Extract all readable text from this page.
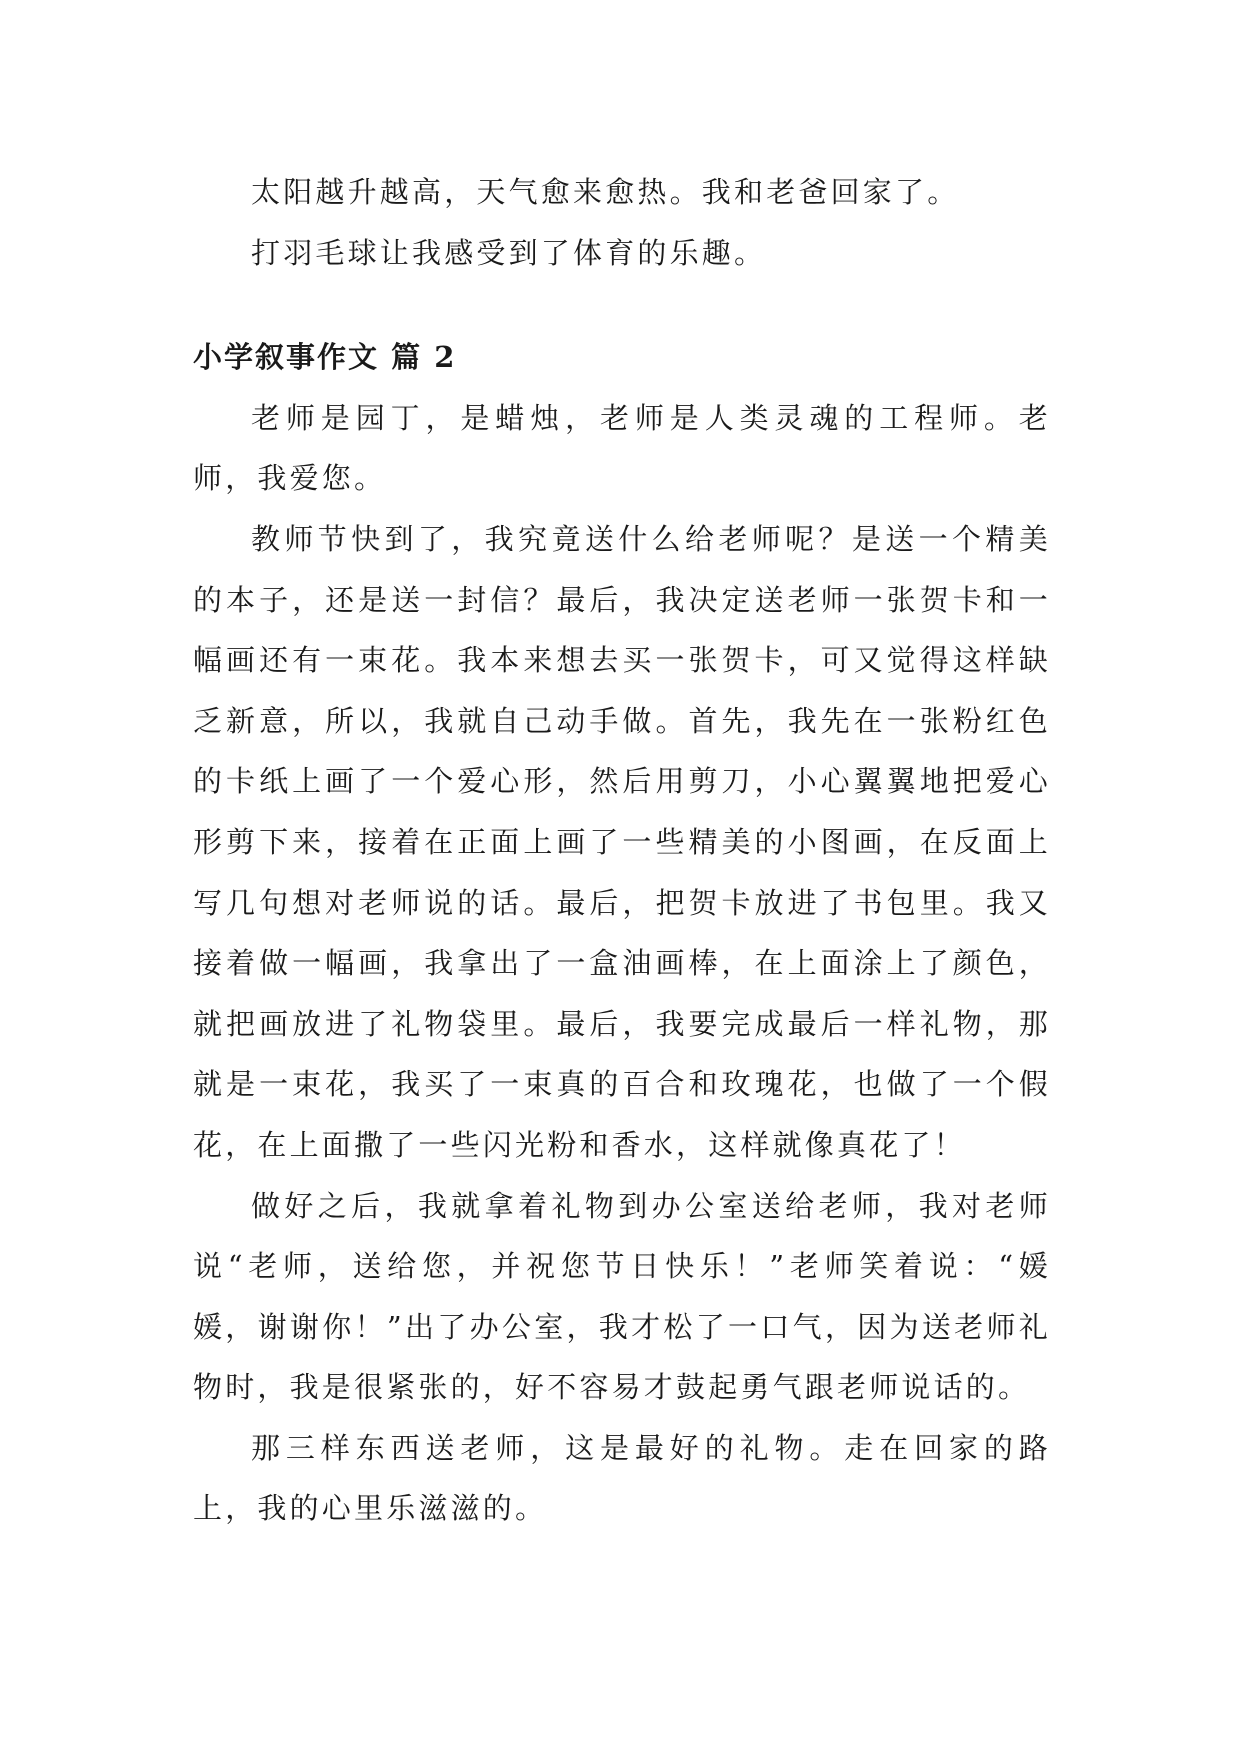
太阳越升越高，天气愈来愈热。我和老爸回家了。

打羽毛球让我感受到了体育的乐趣。

小学叙事作文 篇 2

老师是园丁，是蜡烛，老师是人类灵魂的工程师。老师，我爱您。

教师节快到了，我究竟送什么给老师呢？是送一个精美的本子，还是送一封信？最后，我决定送老师一张贺卡和一幅画还有一束花。我本来想去买一张贺卡，可又觉得这样缺乏新意，所以，我就自己动手做。首先，我先在一张粉红色的卡纸上画了一个爱心形，然后用剪刀，小心翼翼地把爱心形剪下来，接着在正面上画了一些精美的小图画，在反面上写几句想对老师说的话。最后，把贺卡放进了书包里。我又接着做一幅画，我拿出了一盒油画棒，在上面涂上了颜色，就把画放进了礼物袋里。最后，我要完成最后一样礼物，那就是一束花，我买了一束真的百合和玫瑰花，也做了一个假花，在上面撒了一些闪光粉和香水，这样就像真花了！

做好之后，我就拿着礼物到办公室送给老师，我对老师说“老师，送给您，并祝您节日快乐！”老师笑着说：“媛媛，谢谢你！”出了办公室，我才松了一口气，因为送老师礼物时，我是很紧张的，好不容易才鼓起勇气跟老师说话的。

那三样东西送老师，这是最好的礼物。走在回家的路上，我的心里乐滋滋的。
